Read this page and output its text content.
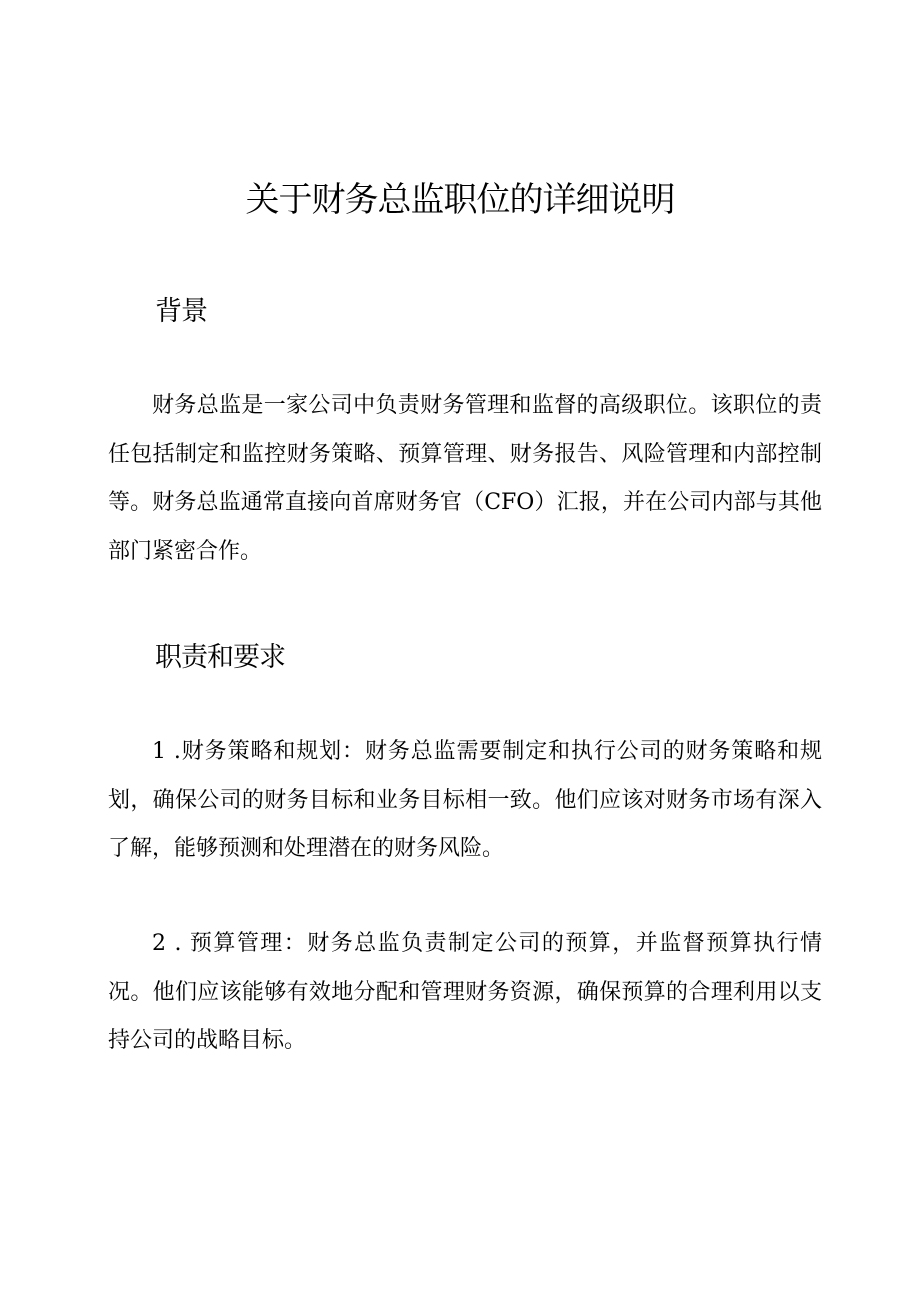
关于财务总监职位的详细说明
背景

财务总监是一家公司中负责财务管理和监督的高级职位。该职位的责任包括制定和监控财务策略、预算管理、财务报告、风险管理和内部控制等。财务总监通常直接向首席财务官（CFO）汇报，并在公司内部与其他部门紧密合作。

职责和要求

1 .财务策略和规划：财务总监需要制定和执行公司的财务策略和规划，确保公司的财务目标和业务目标相一致。他们应该对财务市场有深入了解，能够预测和处理潜在的财务风险。

2 . 预算管理：财务总监负责制定公司的预算，并监督预算执行情况。他们应该能够有效地分配和管理财务资源，确保预算的合理利用以支持公司的战略目标。
